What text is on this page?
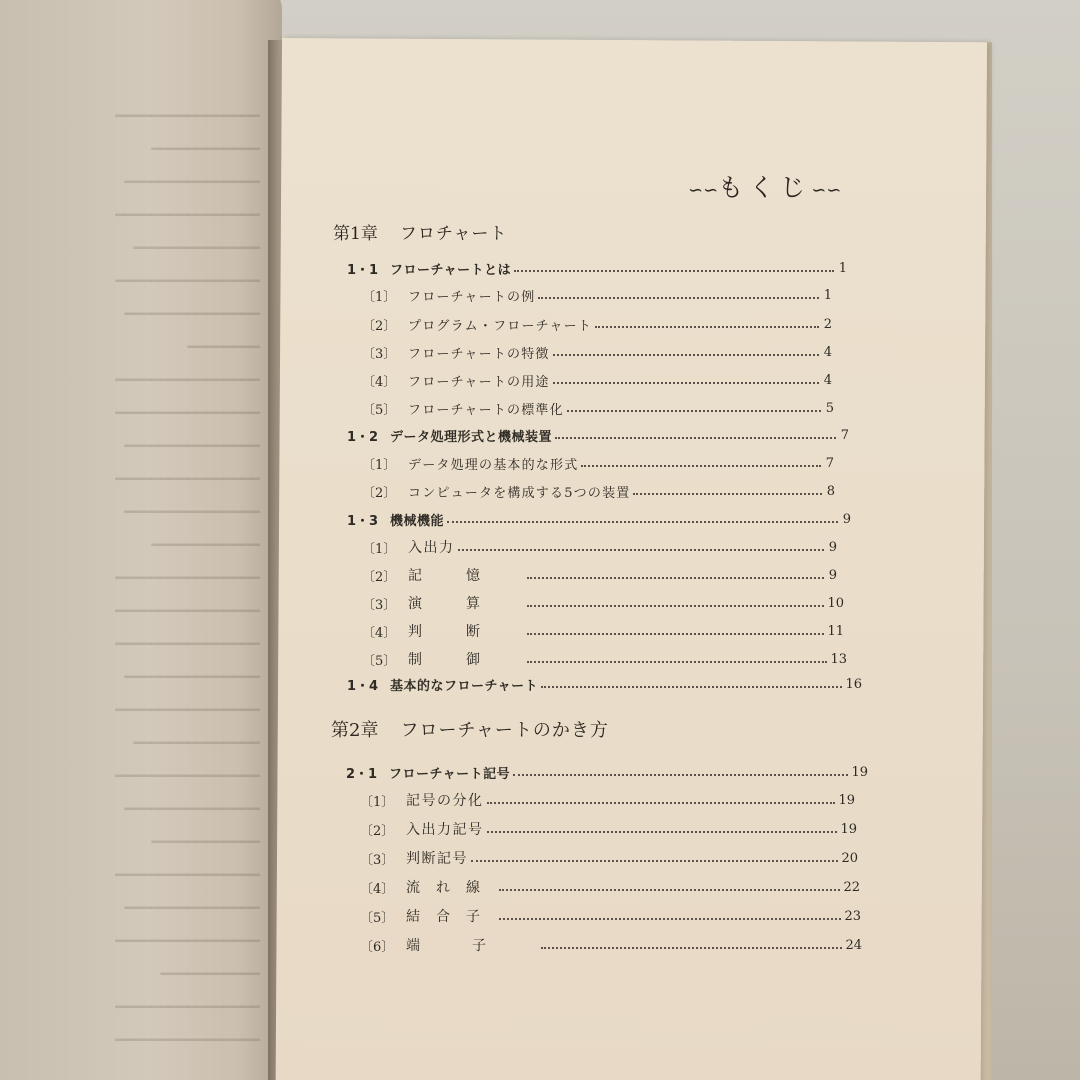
━━━━━━━━━━━━━━━━
━━━━━━━━━━━━
━━━━━━━━━━━━━━━
━━━━━━━━━━━━━━━━
━━━━━━━━━━━━━━
━━━━━━━━━━━━━━━━
━━━━━━━━━━━━━━━
━━━━━━━━
━━━━━━━━━━━━━━━━
━━━━━━━━━━━━━━━━
━━━━━━━━━━━━━━━
━━━━━━━━━━━━━━━━
━━━━━━━━━━━━━━━
━━━━━━━━━━━━
━━━━━━━━━━━━━━━━
━━━━━━━━━━━━━━━━
━━━━━━━━━━━━━━━━
━━━━━━━━━━━━━━━
━━━━━━━━━━━━━━━━
━━━━━━━━━━━━━━
━━━━━━━━━━━━━━━━
━━━━━━━━━━━━━━━
━━━━━━━━━━━━
━━━━━━━━━━━━━━━━
━━━━━━━━━━━━━━━
━━━━━━━━━━━━━━━━
━━━━━━━━━━━
━━━━━━━━━━━━━━━━
━━━━━━━━━━━━━━━━

∽∽もくじ∽∽
第1章 フロチャート
1・1 フローチャートとは	1
〔1〕 フローチャートの例	1
〔2〕 プログラム・フローチャート	2
〔3〕 フローチャートの特徴	4
〔4〕 フローチャートの用途	4
〔5〕 フローチャートの標準化	5
1・2 データ処理形式と機械装置	7
〔1〕 データ処理の基本的な形式	7
〔2〕 コンピュータを構成する5つの装置	8
1・3 機械機能	9
〔1〕 入出力	9
〔2〕 記憶	9
〔3〕 演算	10
〔4〕 判断	11
〔5〕 制御	13
1・4 基本的なフローチャート	16
第2章 フローチャートのかき方
2・1 フローチャート記号	19
〔1〕 記号の分化	19
〔2〕 入出力記号	19
〔3〕 判断記号	20
〔4〕 流れ線	22
〔5〕 結合子	23
〔6〕 端子	24
